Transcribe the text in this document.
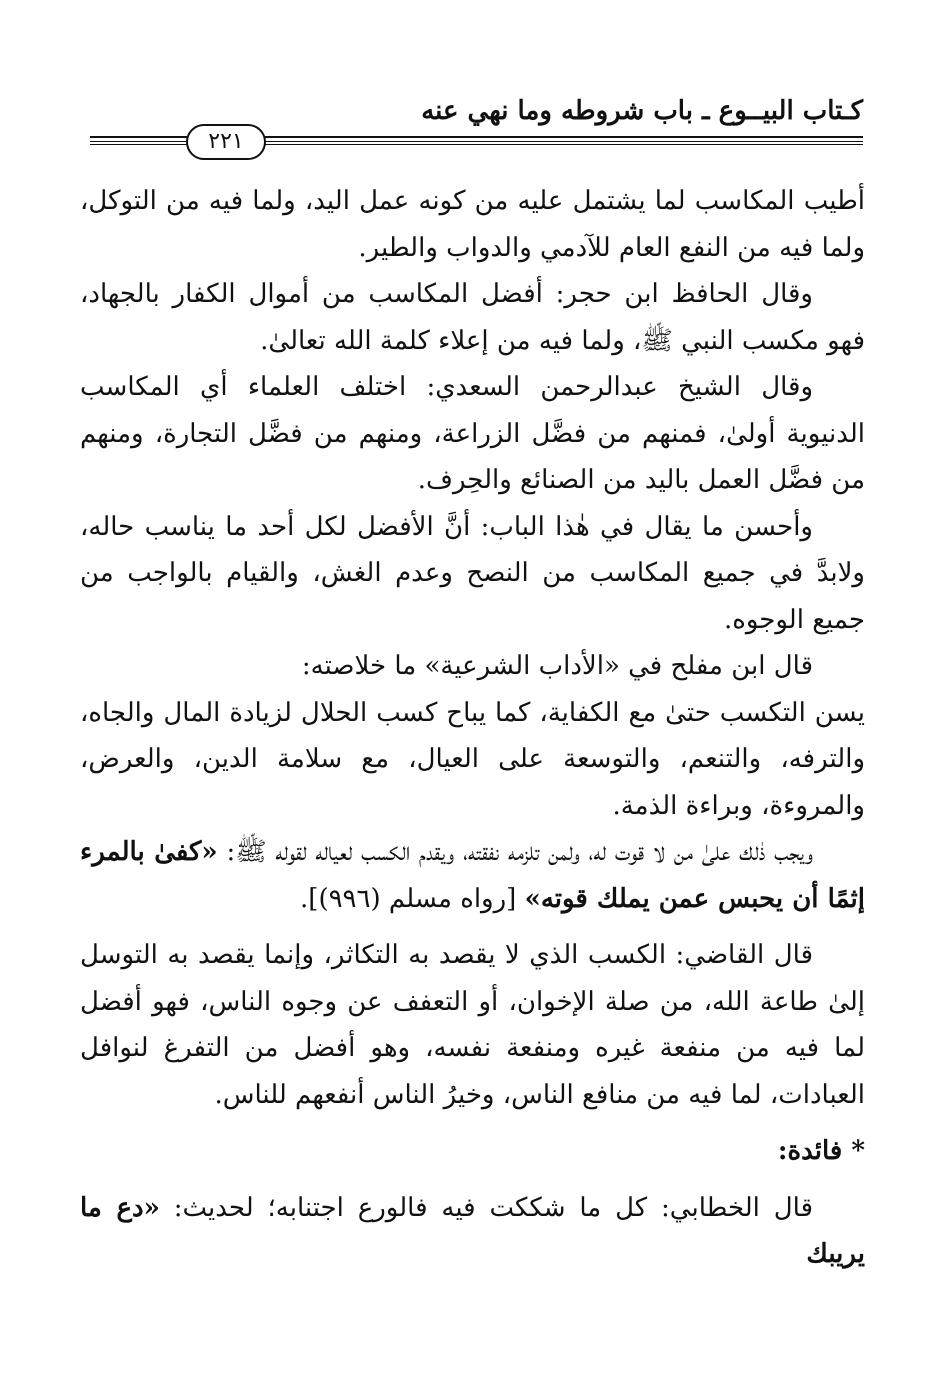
كـتاب البيــوع ـ باب شروطه وما نهي عنه
٢٢١

أطيب المكاسب لما يشتمل عليه من كونه عمل اليد، ولما فيه من التوكل، ولما فيه من النفع العام للآدمي والدواب والطير.

وقال الحافظ ابن حجر: أفضل المكاسب من أموال الكفار بالجهاد، فهو مكسب النبي ﷺ، ولما فيه من إعلاء كلمة الله تعالىٰ.

وقال الشيخ عبدالرحمن السعدي: اختلف العلماء أي المكاسب الدنيوية أولىٰ، فمنهم من فضَّل الزراعة، ومنهم من فضَّل التجارة، ومنهم من فضَّل العمل باليد من الصنائع والحِرف.

وأحسن ما يقال في هٰذا الباب: أنَّ الأفضل لكل أحد ما يناسب حاله، ولابدَّ في جميع المكاسب من النصح وعدم الغش، والقيام بالواجب من جميع الوجوه.

قال ابن مفلح في «الأداب الشرعية» ما خلاصته:

يسن التكسب حتىٰ مع الكفاية، كما يباح كسب الحلال لزيادة المال والجاه، والترفه، والتنعم، والتوسعة على العيال، مع سلامة الدين، والعرض، والمروءة، وبراءة الذمة.

ويجب ذٰلك علىٰ من لا قوت له، ولمن تلزمه نفقته، ويقدم الكسب لعياله لقوله ﷺ: «كفىٰ بالمرء إثمًا أن يحبس عمن يملك قوته» [رواه مسلم (٩٩٦)].

قال القاضي: الكسب الذي لا يقصد به التكاثر، وإنما يقصد به التوسل إلىٰ طاعة الله، من صلة الإخوان، أو التعفف عن وجوه الناس، فهو أفضل لما فيه من منفعة غيره ومنفعة نفسه، وهو أفضل من التفرغ لنوافل العبادات، لما فيه من منافع الناس، وخيرُ الناس أنفعهم للناس.

* فائدة:

قال الخطابي: كل ما شككت فيه فالورع اجتنابه؛ لحديث: «دع ما يريبك
